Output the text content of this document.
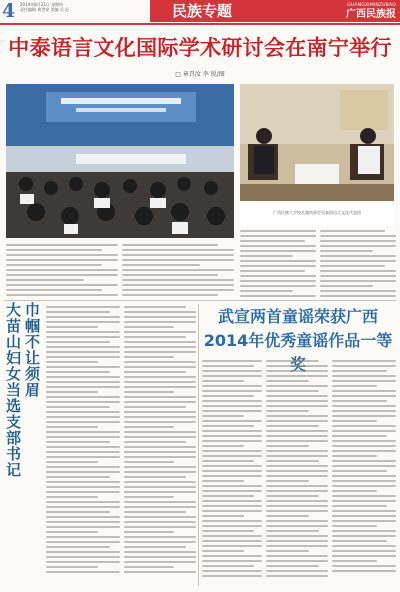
4	2014年8月21日 星期四
责任编辑 黄世安 美编 吴 妃	民族专题	GUANGXIMINZUBAO
广西民族报
中泰语言文化国际学术研讨会在南宁举行
□ 章召汝 李 锐/图
广西民族大学校长谢尚果会见泰国语言文化代表团
巾帼不让须眉
大苗山妇女当选支部书记	武宣两首童谣荣获广西
2014年优秀童谣作品一等
